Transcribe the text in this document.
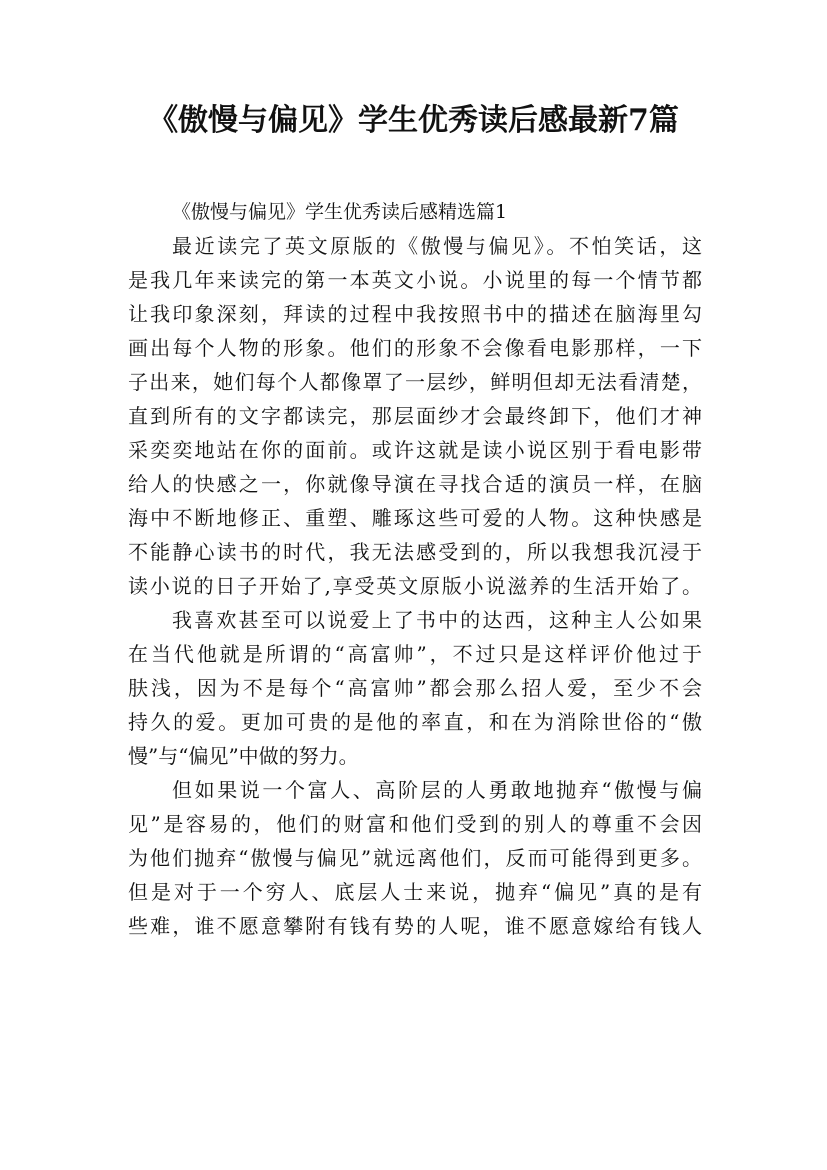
《傲慢与偏见》学生优秀读后感最新7篇

《傲慢与偏见》学生优秀读后感精选篇1

最近读完了英文原版的《傲慢与偏见》。不怕笑话，这
是我几年来读完的第一本英文小说。小说里的每一个情节都
让我印象深刻，拜读的过程中我按照书中的描述在脑海里勾
画出每个人物的形象。他们的形象不会像看电影那样，一下
子出来，她们每个人都像罩了一层纱，鲜明但却无法看清楚，
直到所有的文字都读完，那层面纱才会最终卸下，他们才神
采奕奕地站在你的面前。或许这就是读小说区别于看电影带
给人的快感之一，你就像导演在寻找合适的演员一样，在脑
海中不断地修正、重塑、雕琢这些可爱的人物。这种快感是
不能静心读书的时代，我无法感受到的，所以我想我沉浸于
读小说的日子开始了,享受英文原版小说滋养的生活开始了。

我喜欢甚至可以说爱上了书中的达西，这种主人公如果
在当代他就是所谓的“高富帅”，不过只是这样评价他过于
肤浅，因为不是每个“高富帅”都会那么招人爱，至少不会
持久的爱。更加可贵的是他的率直，和在为消除世俗的“傲
慢”与“偏见”中做的努力。

但如果说一个富人、高阶层的人勇敢地抛弃“傲慢与偏
见”是容易的，他们的财富和他们受到的别人的尊重不会因
为他们抛弃“傲慢与偏见”就远离他们，反而可能得到更多。
但是对于一个穷人、底层人士来说，抛弃“偏见”真的是有
些难，谁不愿意攀附有钱有势的人呢，谁不愿意嫁给有钱人
